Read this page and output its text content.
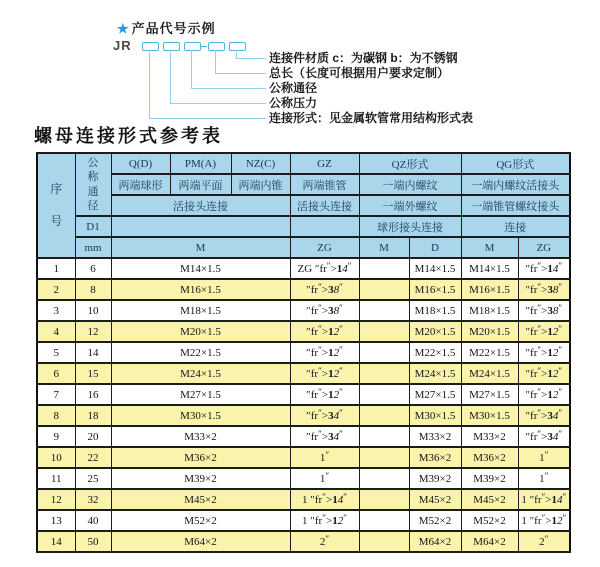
★ 产品代号示例
JR
连接件材质 c：为碳钢 b：为不锈钢
总长（长度可根据用户要求定制）
公称通径
公称压力
连接形式：见金属软管常用结构形式表
螺母连接形式参考表
序号	公称通径	Q(D)	PM(A)	NZ(C)	GZ	QZ形式		QG形式	
		两端球形	两端平面	两端内锥	两端锥管	一端内螺纹		一端内螺纹活接头	
		活接头连接			活接头连接	一端外螺纹		一端锥管螺纹接头	
	D1					球形接头连接		连接	
	mm	M			ZG	M	D	M	ZG
1	6	M14×1.5			ZG ″fr″>14″		M14×1.5	M14×1.5	″fr″>14″
2	8	M16×1.5			″fr″>38″		M16×1.5	M16×1.5	″fr″>38″
3	10	M18×1.5			″fr″>38″		M18×1.5	M18×1.5	″fr″>38″
4	12	M20×1.5			″fr″>12″		M20×1.5	M20×1.5	″fr″>12″
5	14	M22×1.5			″fr″>12″		M22×1.5	M22×1.5	″fr″>12″
6	15	M24×1.5			″fr″>12″		M24×1.5	M24×1.5	″fr″>12″
7	16	M27×1.5			″fr″>12″		M27×1.5	M27×1.5	″fr″>12″
8	18	M30×1.5			″fr″>34″		M30×1.5	M30×1.5	″fr″>34″
9	20	M33×2			″fr″>34″		M33×2	M33×2	″fr″>34″
10	22	M36×2			1″		M36×2	M36×2	1″
11	25	M39×2			1″		M39×2	M39×2	1″
12	32	M45×2			1 ″fr″>14″		M45×2	M45×2	1 ″fr″>14″
13	40	M52×2			1 ″fr″>12″		M52×2	M52×2	1 ″fr″>12″
14	50	M64×2			2″		M64×2	M64×2	2″
